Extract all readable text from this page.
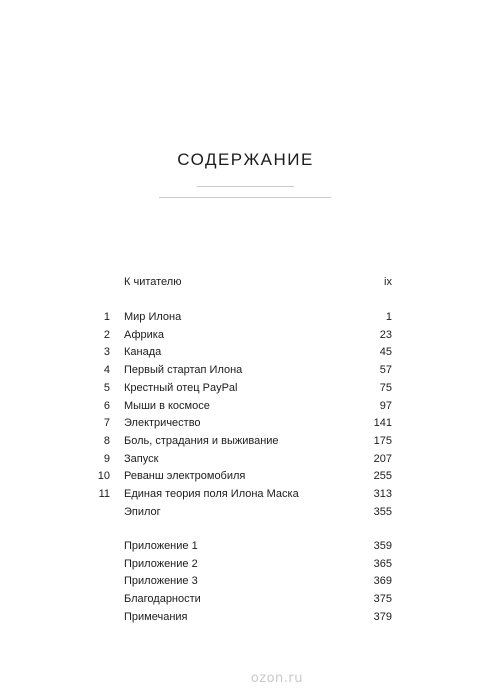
СОДЕРЖАНИЕ
К читателю	ix
1 Мир Илона	1
2 Африка	23
3 Канада	45
4 Первый стартап Илона	57
5 Крестный отец PayPal	75
6 Мыши в космосе	97
7 Электричество	141
8 Боль, страдания и выживание	175
9 Запуск	207
10 Реванш электромобиля	255
11 Единая теория поля Илона Маска	313
Эпилог	355
Приложение 1	359
Приложение 2	365
Приложение 3	369
Благодарности	375
Примечания	379
ozon.ru
